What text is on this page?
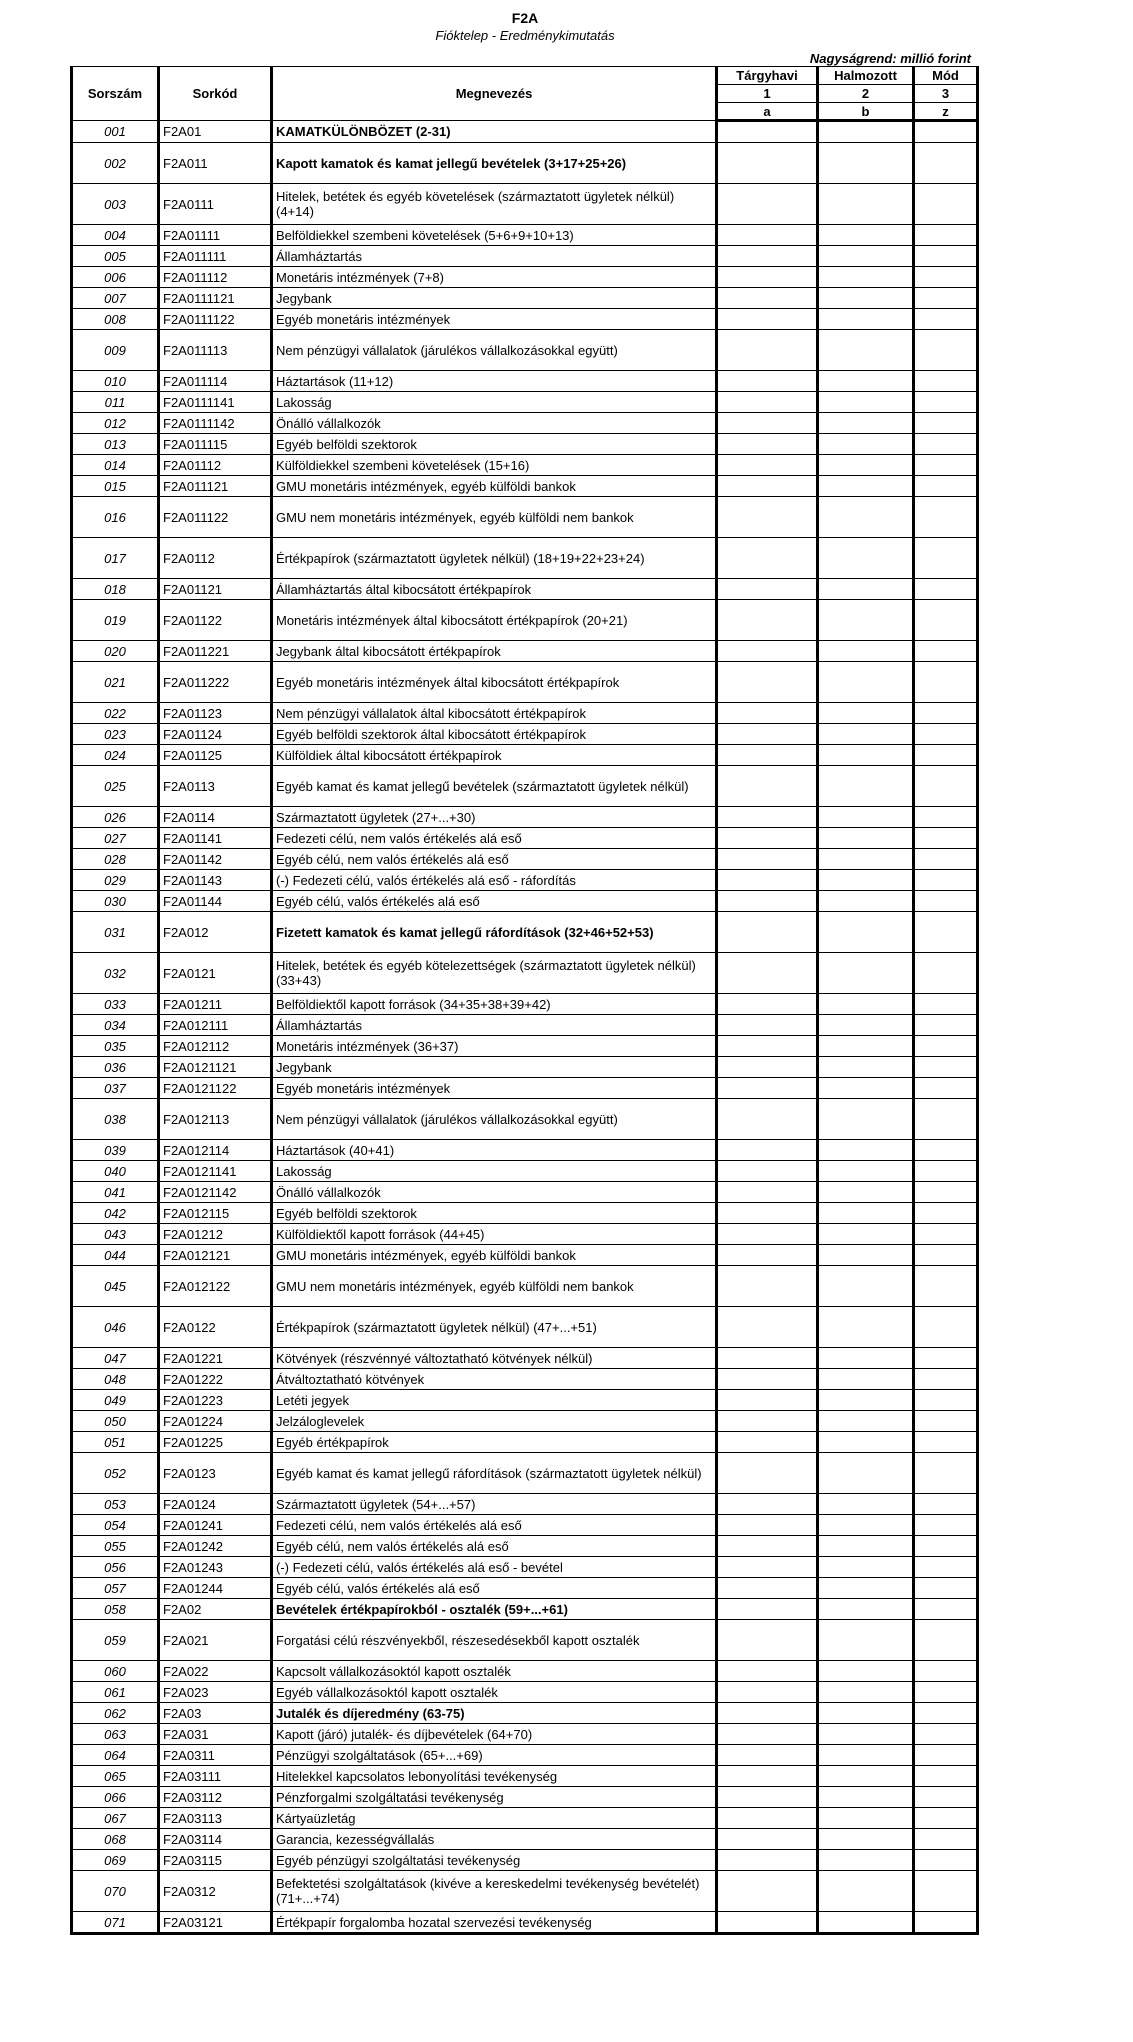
F2A
Fióktelep - Eredménykimutatás
Nagyságrend: millió forint
Sorszám	Sorkód	Megnevezés	Tárgyhavi	Halmozott	Mód
			1	2	3
			a	b	z
001	F2A01	KAMATKÜLÖNBÖZET (2-31)			
002	F2A011	Kapott kamatok és kamat jellegű bevételek (3+17+25+26)			
003	F2A0111	Hitelek, betétek és egyéb követelések (származtatott ügyletek nélkül) (4+14)			
004	F2A01111	Belföldiekkel szembeni követelések (5+6+9+10+13)			
005	F2A011111	Államháztartás			
006	F2A011112	Monetáris intézmények (7+8)			
007	F2A0111121	Jegybank			
008	F2A0111122	Egyéb monetáris intézmények			
009	F2A011113	Nem pénzügyi vállalatok (járulékos vállalkozásokkal együtt)			
010	F2A011114	Háztartások (11+12)			
011	F2A0111141	Lakosság			
012	F2A0111142	Önálló vállalkozók			
013	F2A011115	Egyéb belföldi szektorok			
014	F2A01112	Külföldiekkel szembeni követelések (15+16)			
015	F2A011121	GMU monetáris intézmények, egyéb külföldi bankok			
016	F2A011122	GMU nem monetáris intézmények, egyéb külföldi nem bankok			
017	F2A0112	Értékpapírok (származtatott ügyletek nélkül) (18+19+22+23+24)			
018	F2A01121	Államháztartás által kibocsátott értékpapírok			
019	F2A01122	Monetáris intézmények által kibocsátott értékpapírok (20+21)			
020	F2A011221	Jegybank által kibocsátott értékpapírok			
021	F2A011222	Egyéb monetáris intézmények által kibocsátott értékpapírok			
022	F2A01123	Nem pénzügyi vállalatok által kibocsátott értékpapírok			
023	F2A01124	Egyéb belföldi szektorok által kibocsátott értékpapírok			
024	F2A01125	Külföldiek által kibocsátott értékpapírok			
025	F2A0113	Egyéb kamat és kamat jellegű bevételek (származtatott ügyletek nélkül)			
026	F2A0114	Származtatott ügyletek (27+...+30)			
027	F2A01141	Fedezeti célú, nem valós értékelés alá eső			
028	F2A01142	Egyéb célú, nem valós értékelés alá eső			
029	F2A01143	(-) Fedezeti célú, valós értékelés alá eső - ráfordítás			
030	F2A01144	Egyéb célú, valós értékelés alá eső			
031	F2A012	Fizetett kamatok és kamat jellegű ráfordítások (32+46+52+53)			
032	F2A0121	Hitelek, betétek és egyéb kötelezettségek (származtatott ügyletek nélkül) (33+43)			
033	F2A01211	Belföldiektől kapott források (34+35+38+39+42)			
034	F2A012111	Államháztartás			
035	F2A012112	Monetáris intézmények (36+37)			
036	F2A0121121	Jegybank			
037	F2A0121122	Egyéb monetáris intézmények			
038	F2A012113	Nem pénzügyi vállalatok (járulékos vállalkozásokkal együtt)			
039	F2A012114	Háztartások (40+41)			
040	F2A0121141	Lakosság			
041	F2A0121142	Önálló vállalkozók			
042	F2A012115	Egyéb belföldi szektorok			
043	F2A01212	Külföldiektől kapott források (44+45)			
044	F2A012121	GMU monetáris intézmények, egyéb külföldi bankok			
045	F2A012122	GMU nem monetáris intézmények, egyéb külföldi nem bankok			
046	F2A0122	Értékpapírok (származtatott ügyletek nélkül) (47+...+51)			
047	F2A01221	Kötvények (részvénnyé változtatható kötvények nélkül)			
048	F2A01222	Átváltoztatható kötvények			
049	F2A01223	Letéti jegyek			
050	F2A01224	Jelzáloglevelek			
051	F2A01225	Egyéb értékpapírok			
052	F2A0123	Egyéb kamat és kamat jellegű ráfordítások (származtatott ügyletek nélkül)			
053	F2A0124	Származtatott ügyletek (54+...+57)			
054	F2A01241	Fedezeti célú, nem valós értékelés alá eső			
055	F2A01242	Egyéb célú, nem valós értékelés alá eső			
056	F2A01243	(-) Fedezeti célú, valós értékelés alá eső - bevétel			
057	F2A01244	Egyéb célú, valós értékelés alá eső			
058	F2A02	Bevételek értékpapírokból - osztalék (59+...+61)			
059	F2A021	Forgatási célú részvényekből, részesedésekből kapott osztalék			
060	F2A022	Kapcsolt vállalkozásoktól kapott osztalék			
061	F2A023	Egyéb vállalkozásoktól kapott osztalék			
062	F2A03	Jutalék és díjeredmény (63-75)			
063	F2A031	Kapott (járó) jutalék- és díjbevételek (64+70)			
064	F2A0311	Pénzügyi szolgáltatások (65+...+69)			
065	F2A03111	Hitelekkel kapcsolatos lebonyolítási tevékenység			
066	F2A03112	Pénzforgalmi szolgáltatási tevékenység			
067	F2A03113	Kártyaüzletág			
068	F2A03114	Garancia, kezességvállalás			
069	F2A03115	Egyéb pénzügyi szolgáltatási tevékenység			
070	F2A0312	Befektetési szolgáltatások (kivéve a kereskedelmi tevékenység bevételét) (71+...+74)			
071	F2A03121	Értékpapír forgalomba hozatal szervezési tevékenység			
